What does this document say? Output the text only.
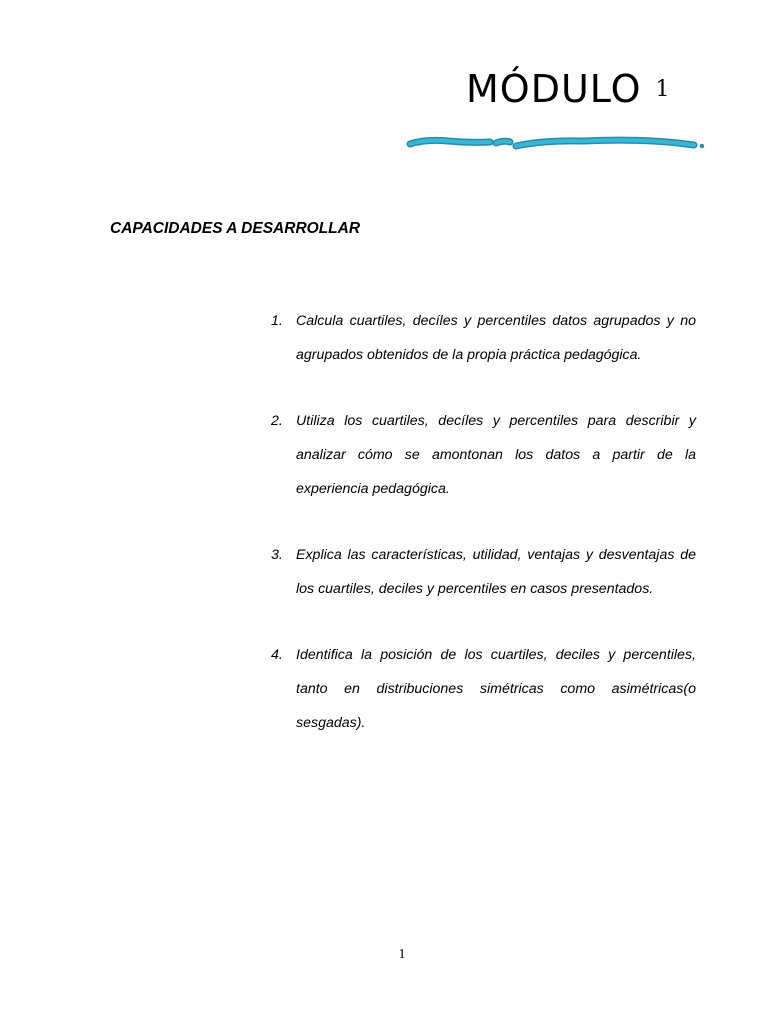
MÓDULO 1
CAPACIDADES A DESARROLLAR
1. Calcula cuartiles, decíles y percentiles datos agrupados y no agrupados obtenidos de la propia práctica pedagógica.
2. Utiliza los cuartiles, decíles y percentiles para describir y analizar cómo se amontonan los datos a partir de la experiencia pedagógica.
3. Explica las características, utilidad, ventajas y desventajas de los cuartiles, deciles y percentiles en casos presentados.
4. Identifica la posición de los cuartiles, deciles y percentiles, tanto en distribuciones simétricas como asimétricas(o sesgadas).
1
